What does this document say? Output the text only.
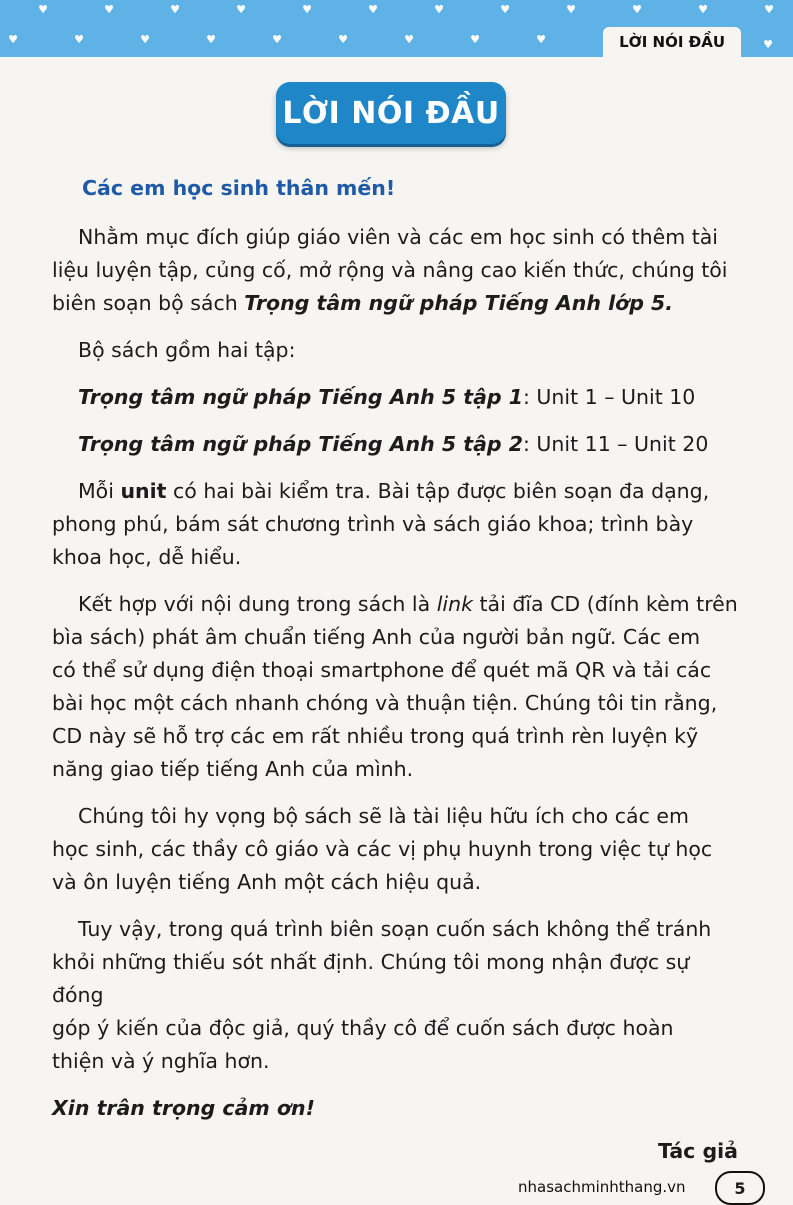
♥	♥	♥	♥	♥	♥	♥	♥	♥	♥	♥	♥
♥	♥	♥	♥	♥	♥	♥	♥	♥	LỜI NÓI ĐẦU	♥
LỜI NÓI ĐẦU
Các em học sinh thân mến!
Nhằm mục đích giúp giáo viên và các em học sinh có thêm tài
liệu luyện tập, củng cố, mở rộng và nâng cao kiến thức, chúng tôi
biên soạn bộ sách Trọng tâm ngữ pháp Tiếng Anh lớp 5.
Bộ sách gồm hai tập:
Trọng tâm ngữ pháp Tiếng Anh 5 tập 1: Unit 1 – Unit 10
Trọng tâm ngữ pháp Tiếng Anh 5 tập 2: Unit 11 – Unit 20
Mỗi unit có hai bài kiểm tra. Bài tập được biên soạn đa dạng,
phong phú, bám sát chương trình và sách giáo khoa; trình bày
khoa học, dễ hiểu.
Kết hợp với nội dung trong sách là link tải đĩa CD (đính kèm trên
bìa sách) phát âm chuẩn tiếng Anh của người bản ngữ. Các em
có thể sử dụng điện thoại smartphone để quét mã QR và tải các
bài học một cách nhanh chóng và thuận tiện. Chúng tôi tin rằng,
CD này sẽ hỗ trợ các em rất nhiều trong quá trình rèn luyện kỹ
năng giao tiếp tiếng Anh của mình.
Chúng tôi hy vọng bộ sách sẽ là tài liệu hữu ích cho các em
học sinh, các thầy cô giáo và các vị phụ huynh trong việc tự học
và ôn luyện tiếng Anh một cách hiệu quả.
Tuy vậy, trong quá trình biên soạn cuốn sách không thể tránh
khỏi những thiếu sót nhất định. Chúng tôi mong nhận được sự đóng
góp ý kiến của độc giả, quý thầy cô để cuốn sách được hoàn
thiện và ý nghĩa hơn.
Xin trân trọng cảm ơn!
Tác giả
nhasachminhthang.vn	5
